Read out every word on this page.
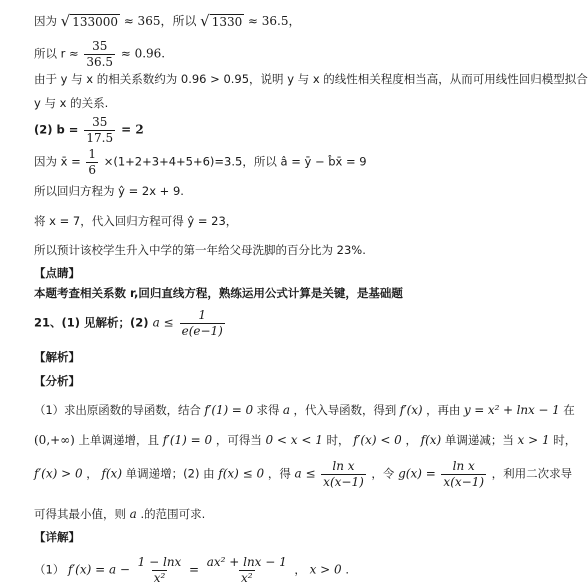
因为 √ 133000 ≈ 365，所以 √ 1330 ≈ 36.5，
所以 $r \approx \frac{35}{36.5} \approx 0.96$.
由于 y 与 x 的相关系数约为 0.96 > 0.95，说明 y 与 x 的线性相关程度相当高，从而可用线性回归模型拟合
y 与 x 的关系.
(2) $b = \frac{35}{17.5} = 2$
因为 x̄ = $\frac{1}{6} \times(1+2+3+4+5+6)=3.5$，所以 â = ȳ − b̂x̄ = 9
所以回归方程为 ŷ = 2x + 9.
将 x = 7，代入回归方程可得 ŷ = 23，
所以预计该校学生升入中学的第一年给父母洗脚的百分比为 23%.
【点睛】
本题考查相关系数 r,回归直线方程，熟练运用公式计算是关键，是基础题
21、(1) 见解析；(2) $a \le \frac{1}{e(e-1)}$
【解析】
【分析】
（1）求出原函数的导函数，结合 f′(1) = 0 求得 a ，代入导函数，得到 f′(x) ，再由 y = x² + lnx − 1 在
(0,+∞) 上单调递增，且 f′(1) = 0 ，可得当 0 < x < 1 时， f′(x) < 0 ， f(x) 单调递减；当 x > 1 时，
f′(x) > 0 ， f(x) 单调递增；(2) 由 f(x) ≤ 0 ，得 $a \le \frac{\text{ln x}}{x(x-1)}$ ，令 $g(x) = \frac{\text{ln x}}{x(x-1)}$ ，利用二次求导
可得其最小值，则 a .的范围可求.
【详解】
（1） $f'(x) = a - \frac{1 - \ln x}{\text{x²}} = \frac{\text{ax² + lnx − 1}}{\text{x²}}$ ， x > 0 .
